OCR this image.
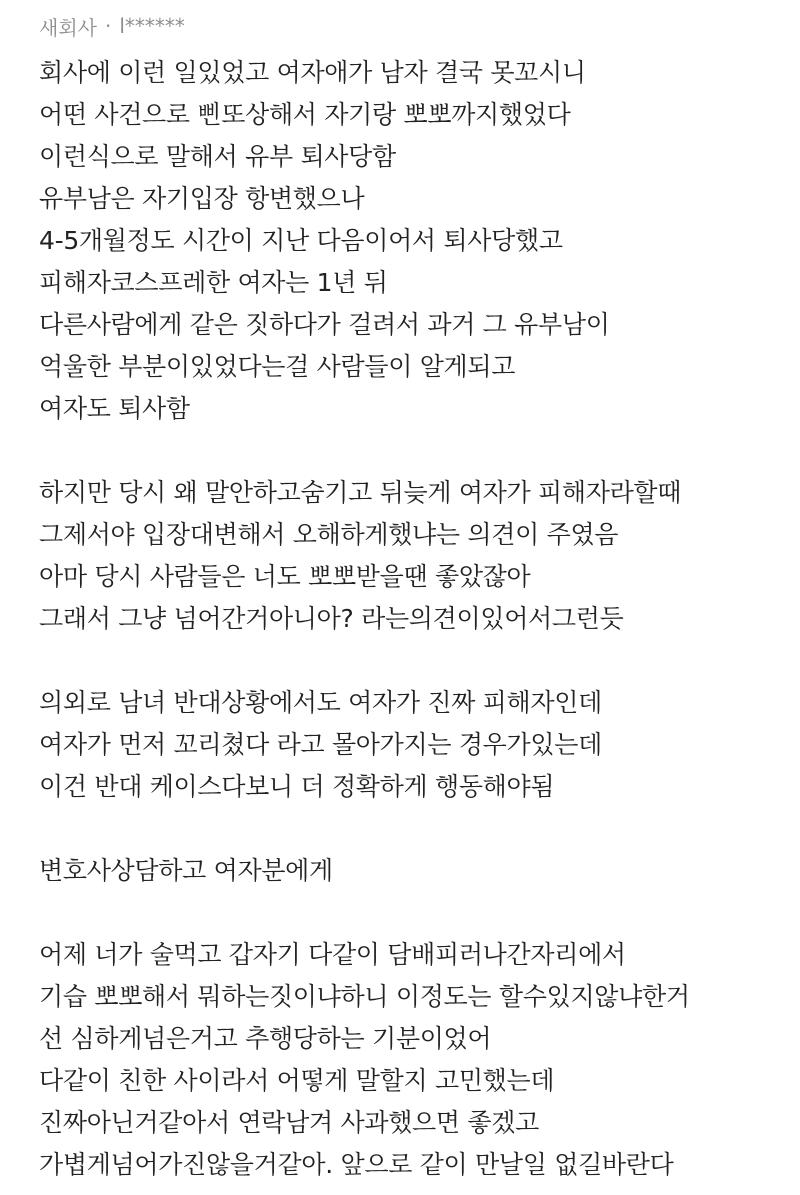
새회사 · l******
회사에 이런 일있었고 여자애가 남자 결국 못꼬시니
어떤 사건으로 삔또상해서 자기랑 뽀뽀까지했었다
이런식으로 말해서 유부 퇴사당함
유부남은 자기입장 항변했으나
4-5개월정도 시간이 지난 다음이어서 퇴사당했고
피해자코스프레한 여자는 1년 뒤
다른사람에게 같은 짓하다가 걸려서 과거 그 유부남이
억울한 부분이있었다는걸 사람들이 알게되고
여자도 퇴사함
하지만 당시 왜 말안하고숨기고 뒤늦게 여자가 피해자라할때
그제서야 입장대변해서 오해하게했냐는 의견이 주였음
아마 당시 사람들은 너도 뽀뽀받을땐 좋았잖아
그래서 그냥 넘어간거아니아? 라는의견이있어서그런듯
의외로 남녀 반대상황에서도 여자가 진짜 피해자인데
여자가 먼저 꼬리쳤다 라고 몰아가지는 경우가있는데
이건 반대 케이스다보니 더 정확하게 행동해야됨
변호사상담하고 여자분에게
어제 너가 술먹고 갑자기 다같이 담배피러나간자리에서
기습 뽀뽀해서 뭐하는짓이냐하니 이정도는 할수있지않냐한거
선 심하게넘은거고 추행당하는 기분이었어
다같이 친한 사이라서 어떻게 말할지 고민했는데
진짜아닌거같아서 연락남겨 사과했으면 좋겠고
가볍게넘어가진않을거같아. 앞으로 같이 만날일 없길바란다
